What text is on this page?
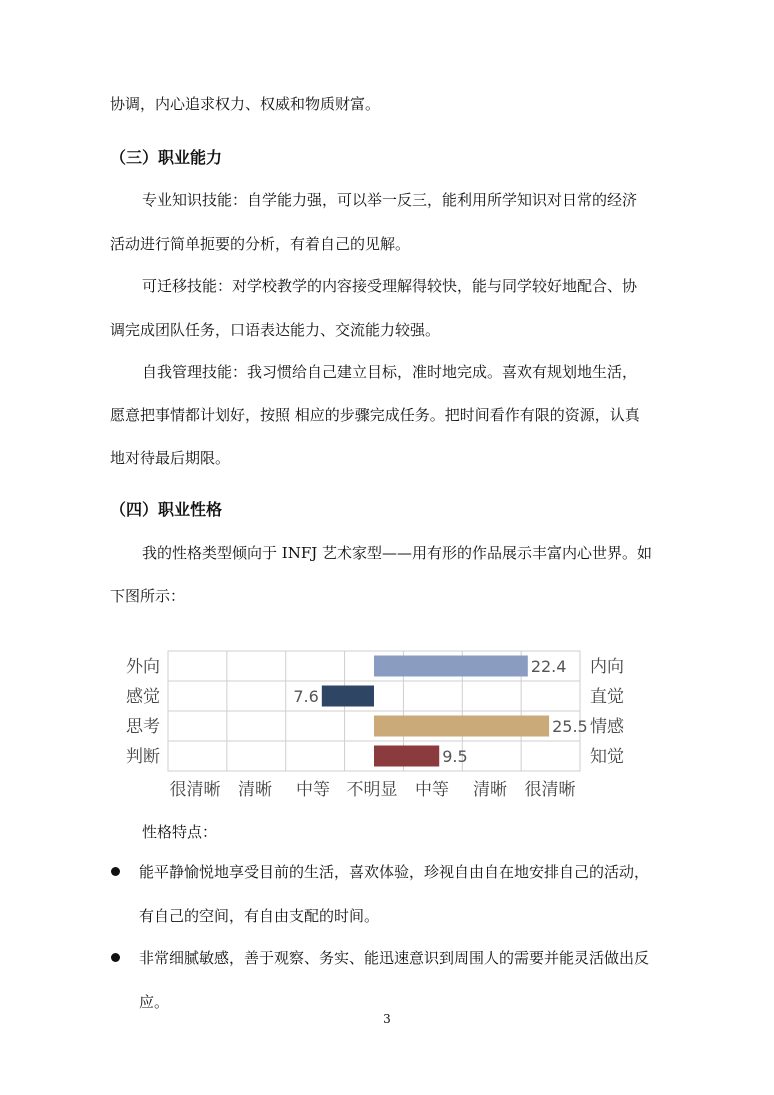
协调，内心追求权力、权威和物质财富。
（三）职业能力
专业知识技能：自学能力强，可以举一反三，能利用所学知识对日常的经济
活动进行简单扼要的分析，有着自己的见解。
可迁移技能：对学校教学的内容接受理解得较快，能与同学较好地配合、协
调完成团队任务，口语表达能力、交流能力较强。
自我管理技能：我习惯给自己建立目标，准时地完成。喜欢有规划地生活，
愿意把事情都计划好，按照 相应的步骤完成任务。把时间看作有限的资源，认真
地对待最后期限。
（四）职业性格
我的性格类型倾向于 INFJ 艺术家型——用有形的作品展示丰富内心世界。如
下图所示：
22.4
外向	内向
7.6
感觉	直觉
25.5
思考	情感
9.5
判断	知觉
很清晰 清晰 中等 不明显 中等 清晰 很清晰
性格特点：
能平静愉悦地享受目前的生活，喜欢体验，珍视自由自在地安排自己的活动，
有自己的空间，有自由支配的时间。
非常细腻敏感，善于观察、务实、能迅速意识到周围人的需要并能灵活做出反
应。
3
